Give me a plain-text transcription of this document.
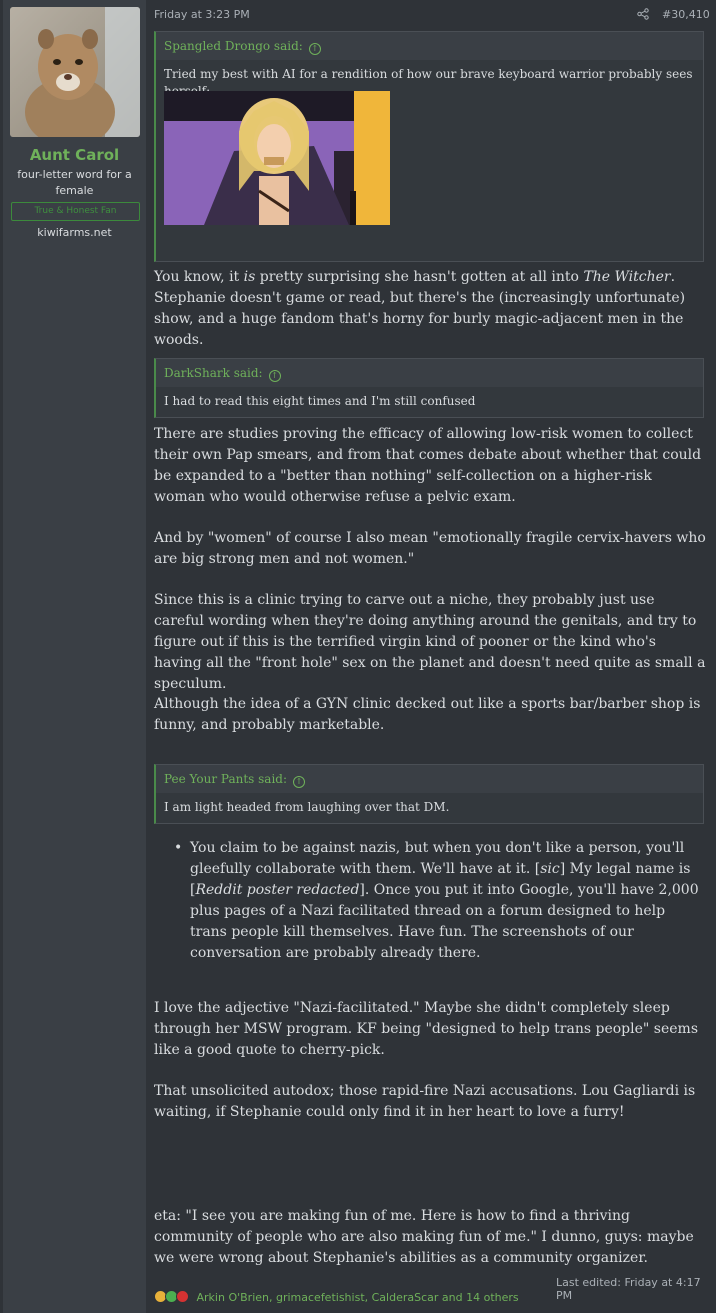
Aunt Carol
four-letter word for a female
True & Honest Fan
kiwifarms.net
Friday at 3:23 PM	#30,410
Spangled Drongo said: ↑
Tried my best with AI for a rendition of how our brave keyboard warrior probably sees
You know, it is pretty surprising she hasn't gotten at all into The Witcher. Stephanie doesn't game or read, but there's the (increasingly unfortunate) show, and a huge fandom that's horny for burly magic-adjacent men in the woods.
DarkShark said: ↑
I had to read this eight times and I'm still confused
There are studies proving the efficacy of allowing low-risk women to collect their own Pap smears, and from that comes debate about whether that could be expanded to a "better than nothing" self-collection on a higher-risk woman who would otherwise refuse a pelvic exam.
And by "women" of course I also mean "emotionally fragile cervix-havers who are big strong men and not women."
Since this is a clinic trying to carve out a niche, they probably just use careful wording when they're doing anything around the genitals, and try to figure out if this is the terrified virgin kind of pooner or the kind who's having all the "front hole" sex on the planet and doesn't need quite as small a speculum.
Although the idea of a GYN clinic decked out like a sports bar/barber shop is funny, and probably marketable.
Pee Your Pants said: ↑
I am light headed from laughing over that DM.
• You claim to be against nazis, but when you don't like a person, you'll gleefully collaborate with them. We'll have at it. [sic] My legal name is [Reddit poster redacted]. Once you put it into Google, you'll have 2,000 plus pages of a Nazi facilitated thread on a forum designed to help trans people kill themselves. Have fun. The screenshots of our conversation are probably already there.
I love the adjective "Nazi-facilitated." Maybe she didn't completely sleep through her MSW program. KF being "designed to help trans people" seems like a good quote to cherry-pick.
That unsolicited autodox; those rapid-fire Nazi accusations. Lou Gagliardi is waiting, if Stephanie could only find it in her heart to love a furry!
eta: "I see you are making fun of me. Here is how to find a thriving community of people who are also making fun of me." I dunno, guys: maybe we were wrong about Stephanie's abilities as a community organizer.
Last edited: Friday at 4:17 PM
Arkin O'Brien, grimacefetishist, CalderaScar and 14 others
